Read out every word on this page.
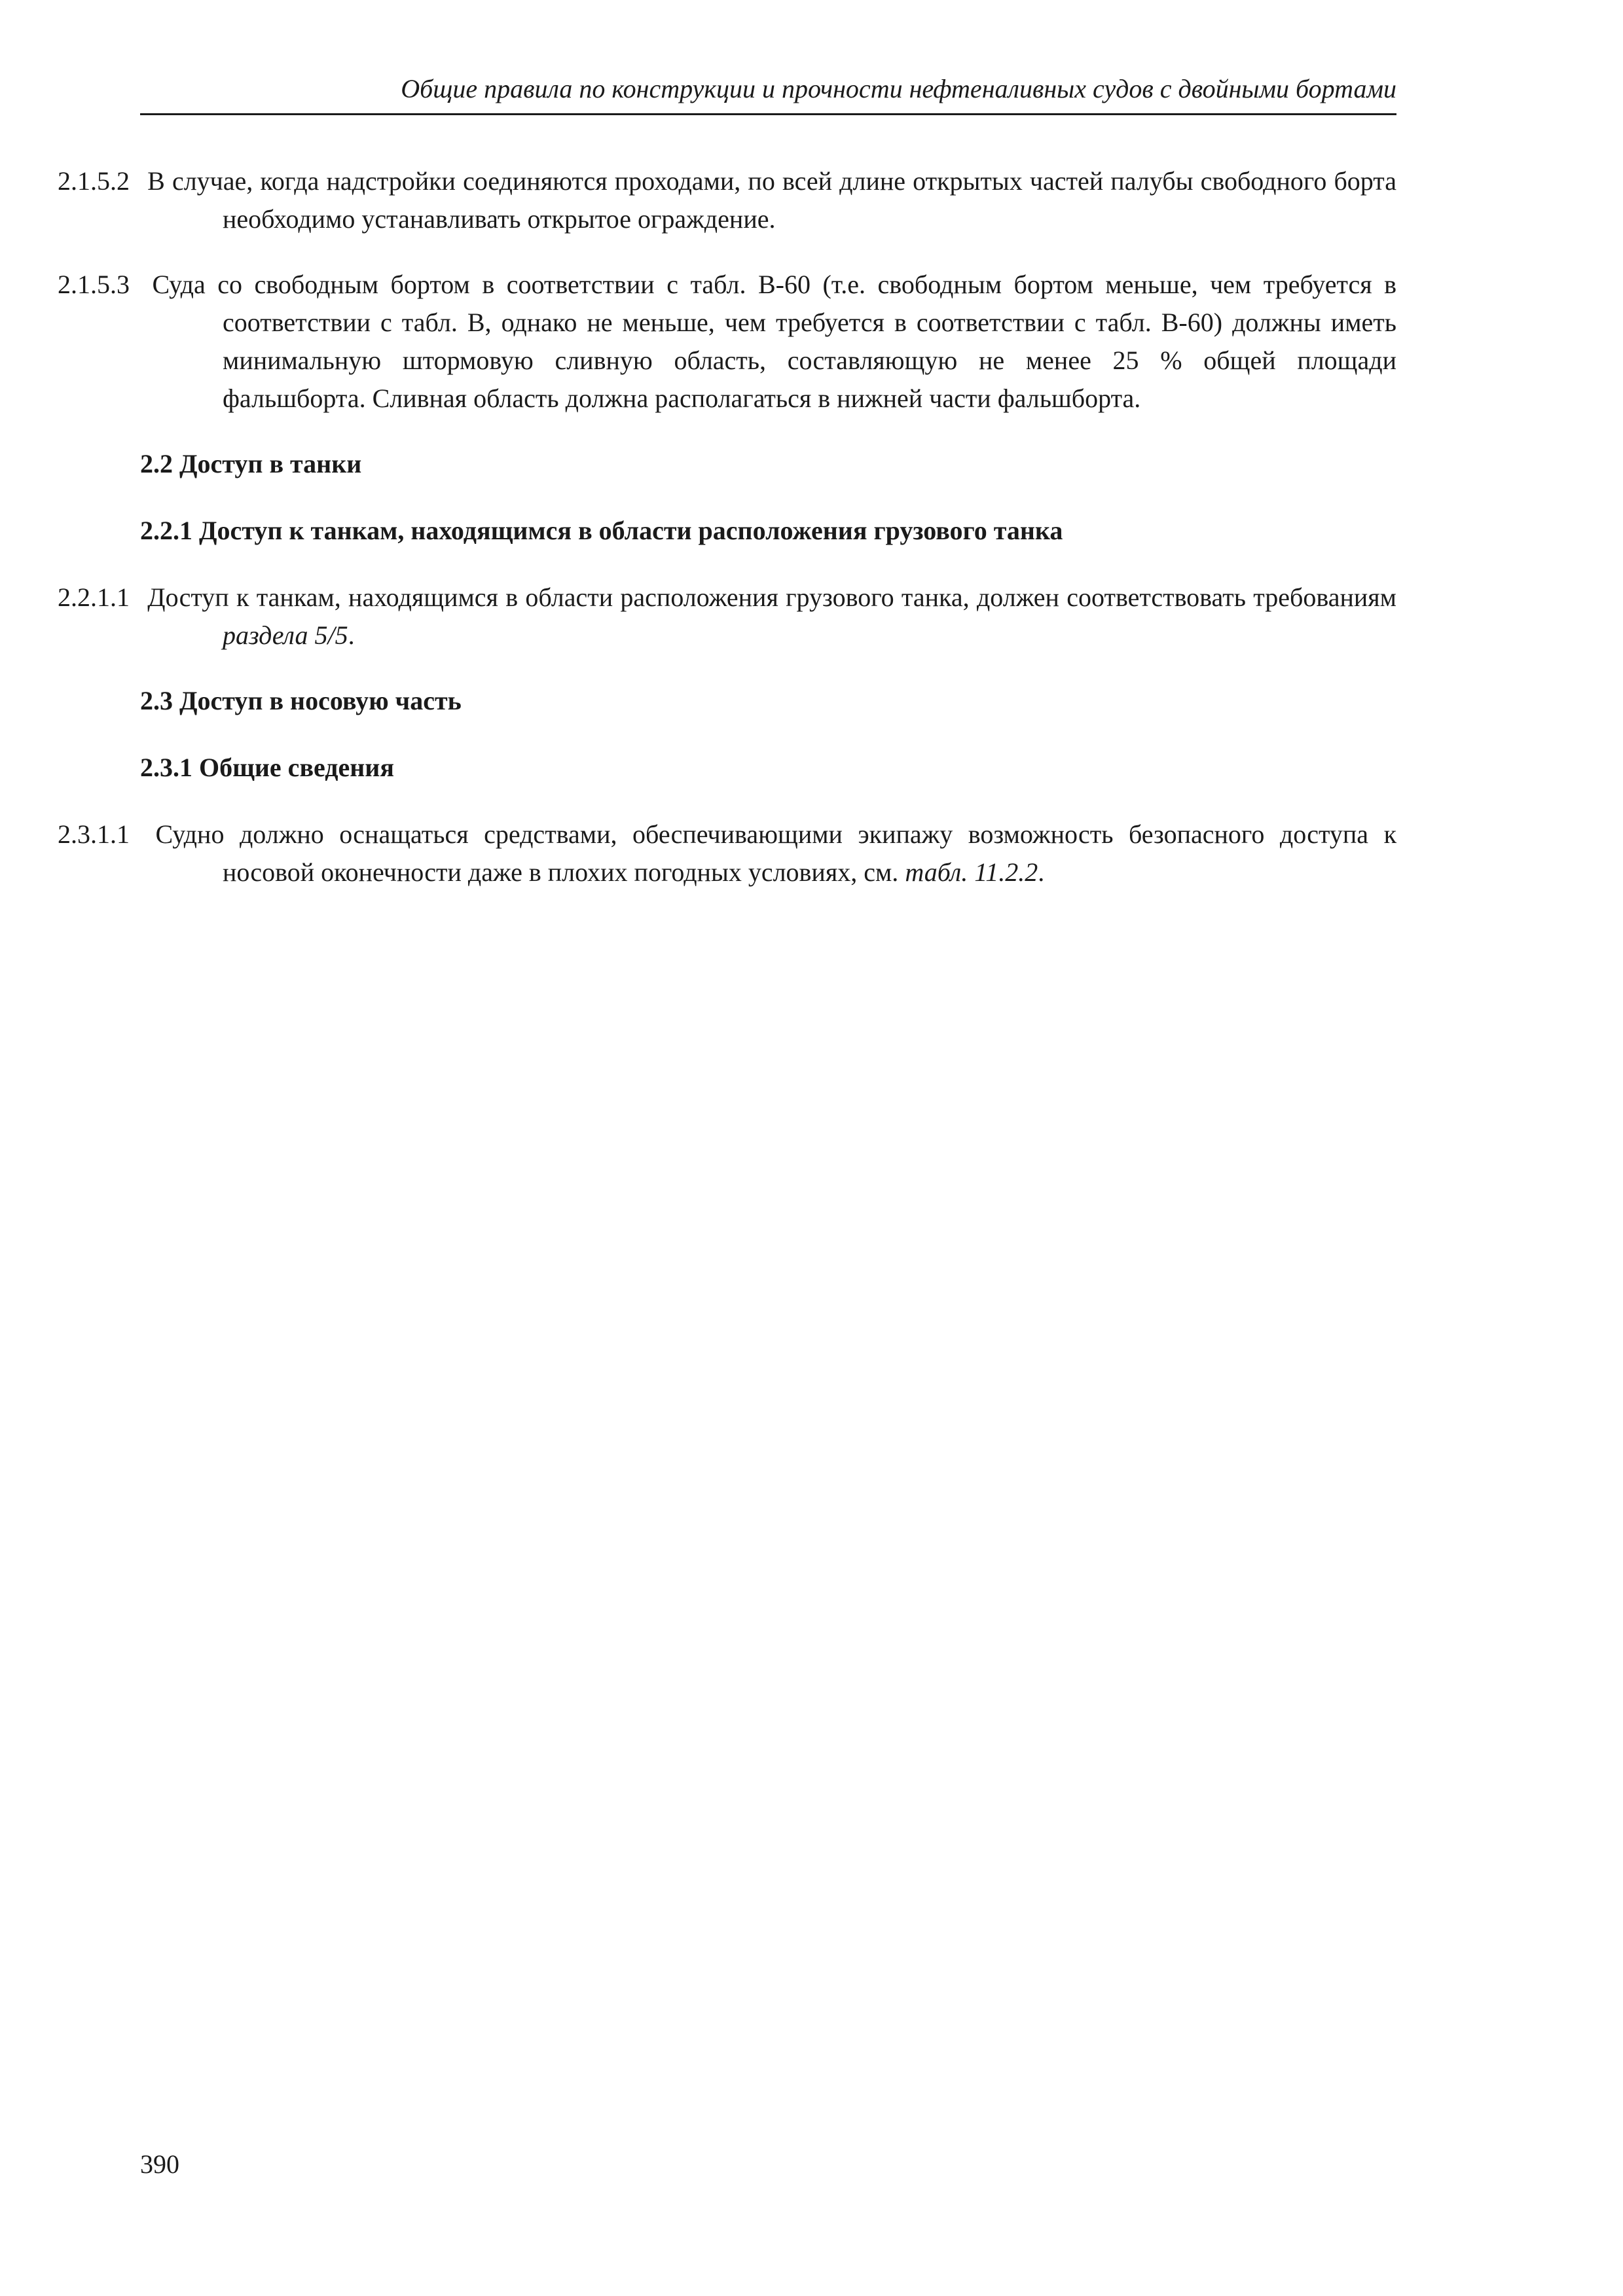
Общие правила по конструкции и прочности нефтеналивных судов с двойными бортами

2.1.5.2 В случае, когда надстройки соединяются проходами, по всей длине открытых частей палубы свободного борта необходимо устанавливать открытое ограждение.

2.1.5.3 Суда со свободным бортом в соответствии с табл. B-60 (т.е. свободным бортом меньше, чем требуется в соответствии с табл. B, однако не меньше, чем требуется в соответствии с табл. B-60) должны иметь минимальную штормовую сливную область, составляющую не менее 25 % общей площади фальшборта. Сливная область должна располагаться в нижней части фальшборта.

2.2 Доступ в танки
2.2.1 Доступ к танкам, находящимся в области расположения грузового танка

2.2.1.1 Доступ к танкам, находящимся в области расположения грузового танка, должен соответствовать требованиям раздела 5/5.

2.3 Доступ в носовую часть
2.3.1 Общие сведения

2.3.1.1 Судно должно оснащаться средствами, обеспечивающими экипажу возможность безопасного доступа к носовой оконечности даже в плохих погодных условиях, см. табл. 11.2.2.

390
